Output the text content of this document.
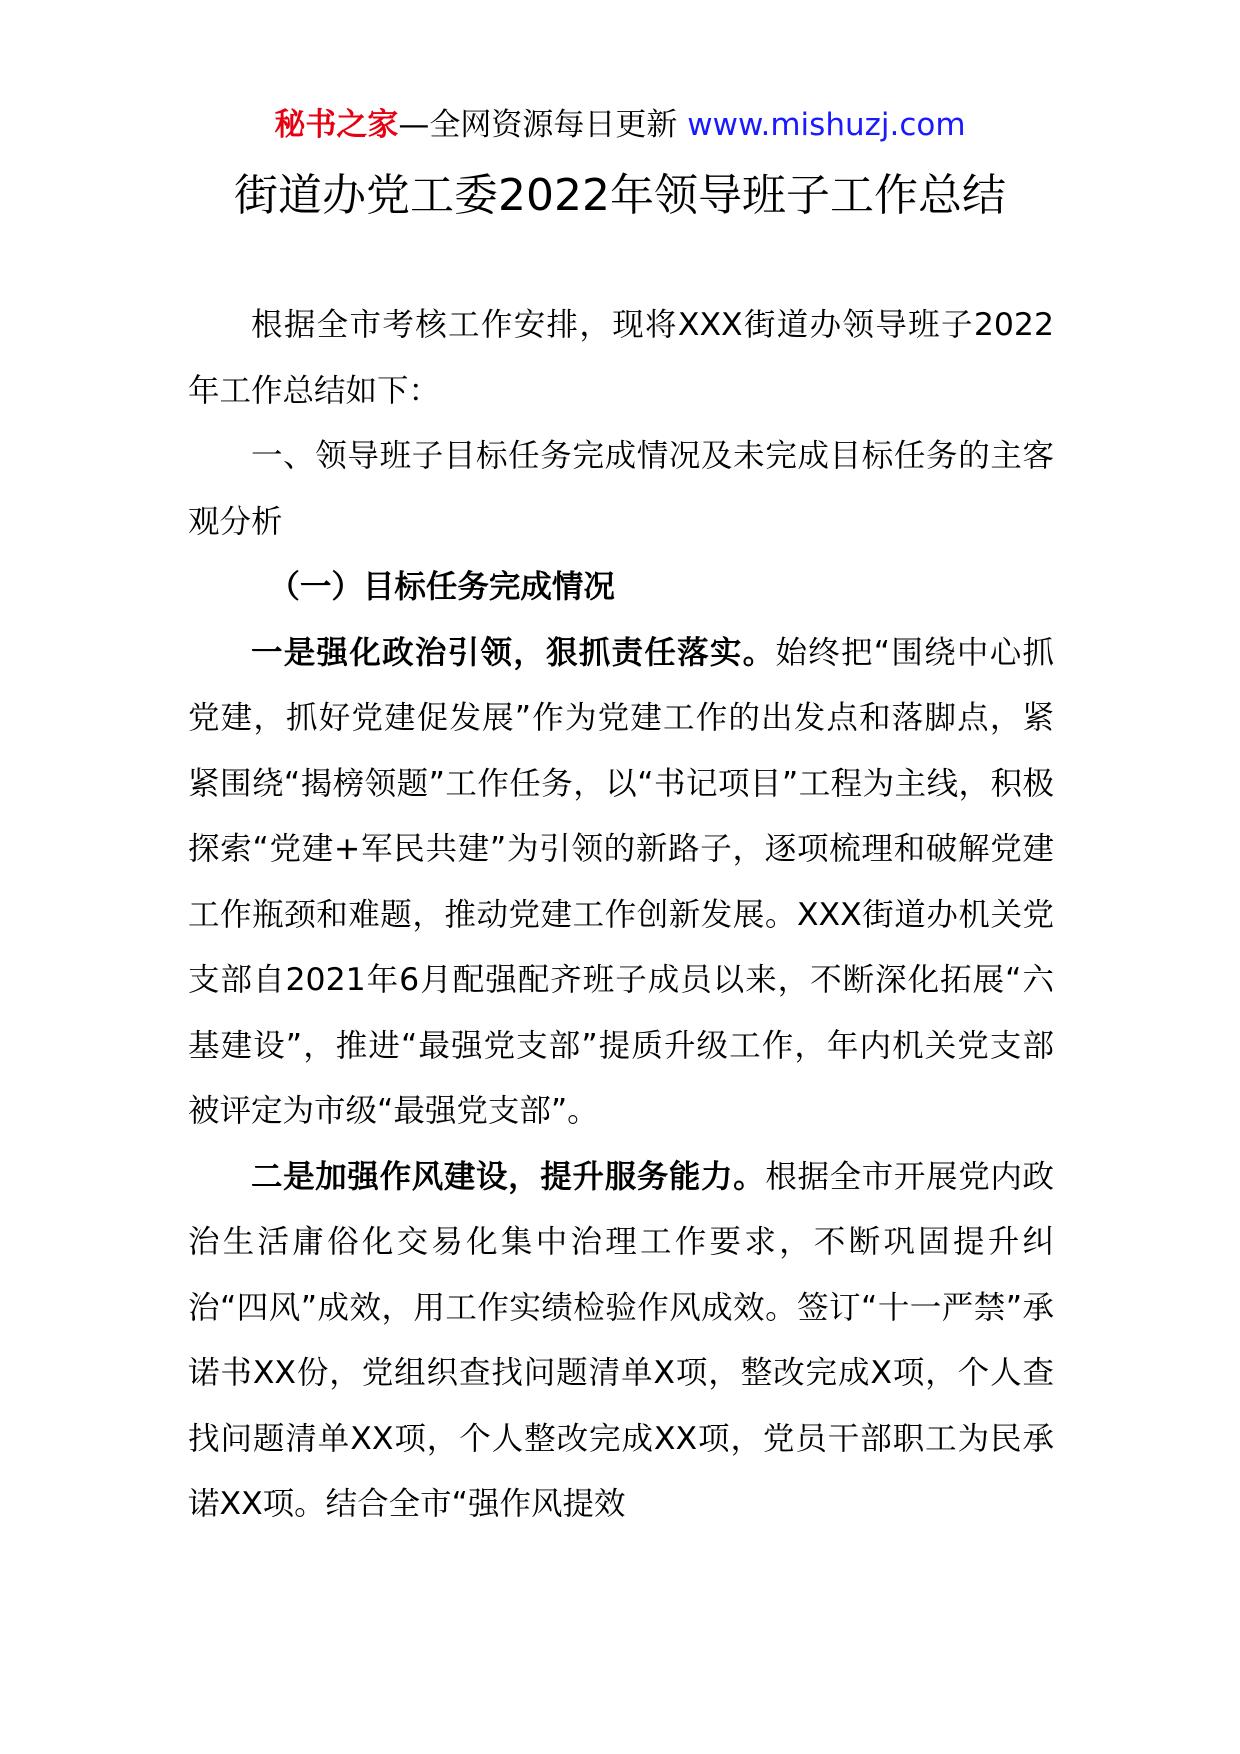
秘书之家—全网资源每日更新 www.mishuzj.com
街道办党工委2022年领导班子工作总结

根据全市考核工作安排，现将XXX街道办领导班子2022年工作总结如下：

一、领导班子目标任务完成情况及未完成目标任务的主客观分析

（一）目标任务完成情况

一是强化政治引领，狠抓责任落实。始终把“围绕中心抓党建，抓好党建促发展”作为党建工作的出发点和落脚点，紧紧围绕“揭榜领题”工作任务，以“书记项目”工程为主线，积极探索“党建+军民共建”为引领的新路子，逐项梳理和破解党建工作瓶颈和难题，推动党建工作创新发展。XXX街道办机关党支部自2021年6月配强配齐班子成员以来，不断深化拓展“六基建设”，推进“最强党支部”提质升级工作，年内机关党支部被评定为市级“最强党支部”。

二是加强作风建设，提升服务能力。根据全市开展党内政治生活庸俗化交易化集中治理工作要求，不断巩固提升纠治“四风”成效，用工作实绩检验作风成效。签订“十一严禁”承诺书XX份，党组织查找问题清单X项，整改完成X项，个人查找问题清单XX项，个人整改完成XX项，党员干部职工为民承诺XX项。结合全市“强作风提效
